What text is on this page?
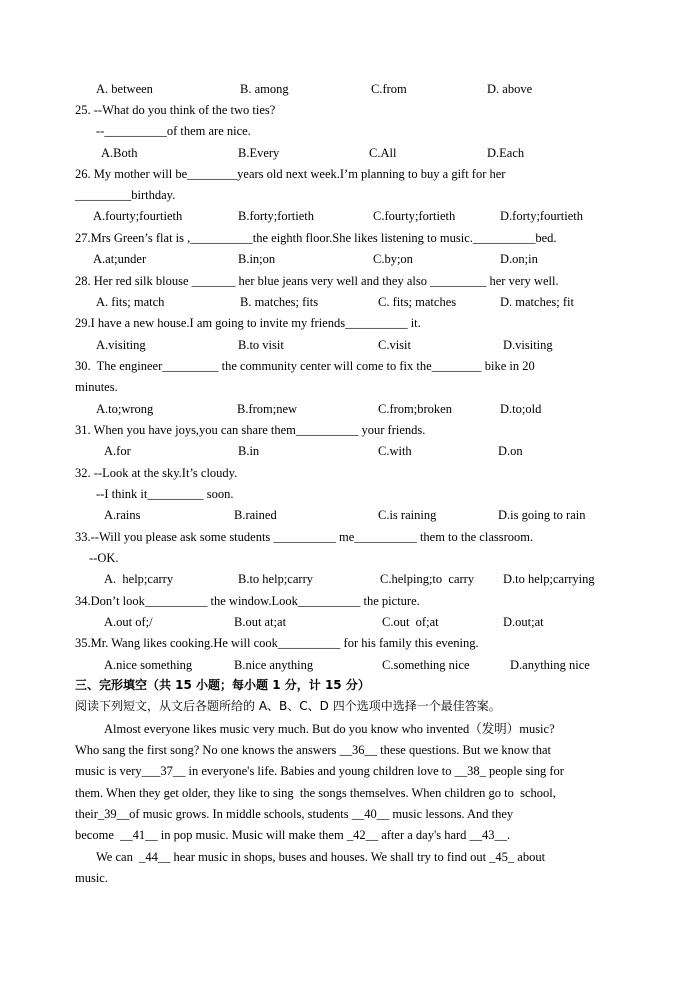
三、完形填空（共 15 小题；每小题 1 分，计 15 分）
阅读下列短文，从文后各题所给的 A、B、C、D 四个选项中选择一个最佳答案。
25. --What do you think of the two ties?
--__________of them are nice.
26. My mother will be________years old next week.I’m planning to buy a gift for her
_________birthday.
27.Mrs Green’s flat is ,__________the eighth floor.She likes listening to music.__________bed.
28. Her red silk blouse _______ her blue jeans very well and they also _________ her very well.
29.I have a new house.I am going to invite my friends__________ it.
30.  The engineer_________ the community center will come to fix the________ bike in 20
minutes.
31. When you have joys,you can share them__________ your friends.
32. --Look at the sky.It’s cloudy.
--I think it_________ soon.
33.--Will you please ask some students __________ me__________ them to the classroom.
--OK.
34.Don’t look__________ the window.Look__________ the picture.
35.Mr. Wang likes cooking.He will cook__________ for his family this evening.
A. between	B. among	C.from	D. above
A.Both	B.Every	C.All	D.Each
A.fourty;fourtieth	B.forty;fortieth	C.fourty;fortieth	D.forty;fourtieth
A.at;under	B.in;on	C.by;on	D.on;in
A. fits; match	B. matches; fits	C. fits; matches	D. matches; fit
A.visiting	B.to visit	C.visit	D.visiting
A.to;wrong	B.from;new	C.from;broken	D.to;old
A.for	B.in	C.with	D.on
A.rains	B.rained	C.is raining	D.is going to rain
A.  help;carry	B.to help;carry	C.helping;to  carry D.to help;carrying
A.out of;/	B.out at;at	C.out  of;at	D.out;at
A.nice something	B.nice anything	C.something nice	D.anything nice
Almost everyone likes music very much. But do you know who invented（发明）music?
Who sang the first song? No one knows the answers __36__ these questions. But we know that
music is very___37__ in everyone's life. Babies and young children love to __38_ people sing for
them. When they get older, they like to sing  the songs themselves. When children go to  school,
their_39__of music grows. In middle schools, students __40__ music lessons. And they
become  __41__ in pop music. Music will make them _42__ after a day's hard __43__.
We can  _44__ hear music in shops, buses and houses. We shall try to find out _45_ about
music.
